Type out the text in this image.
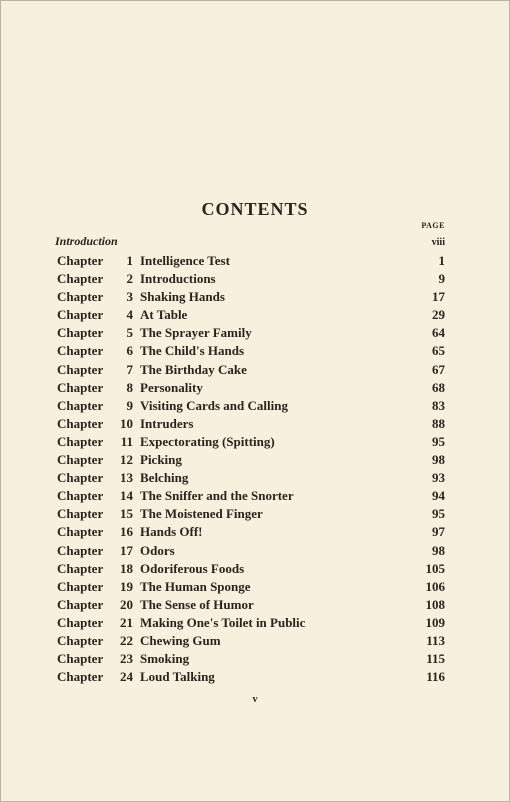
CONTENTS
PAGE
Introduction	viii
Chapter	1 Intelligence Test	1
Chapter	2 Introductions	9
Chapter	3 Shaking Hands	17
Chapter	4 At Table	29
Chapter	5 The Sprayer Family	64
Chapter	6 The Child's Hands	65
Chapter	7 The Birthday Cake	67
Chapter	8 Personality	68
Chapter	9 Visiting Cards and Calling	83
Chapter	10 Intruders	88
Chapter	11 Expectorating (Spitting)	95
Chapter	12 Picking	98
Chapter	13 Belching	93
Chapter	14 The Sniffer and the Snorter	94
Chapter	15 The Moistened Finger	95
Chapter	16 Hands Off!	97
Chapter	17 Odors	98
Chapter	18 Odoriferous Foods	105
Chapter	19 The Human Sponge	106
Chapter	20 The Sense of Humor	108
Chapter	21 Making One's Toilet in Public	109
Chapter	22 Chewing Gum	113
Chapter	23 Smoking	115
Chapter	24 Loud Talking	116
v
